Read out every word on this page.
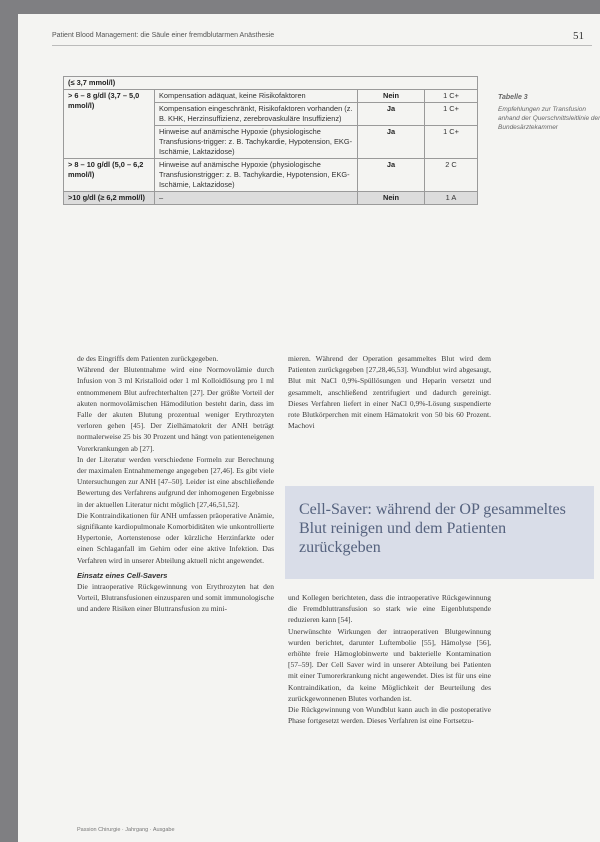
Patient Blood Management: die Säule einer fremdblutarmen Anästhesie	51
(≤ 3,7 mmol/l)			
> 6 – 8 g/dl (3,7 – 5,0 mmol/l)	Kompensation adäquat, keine Risikofaktoren	Nein	1 C+
	Kompensation eingeschränkt, Risikofaktoren vorhanden (z. B. KHK, Herzinsuffizienz, zerebrovaskuläre Insuffizienz)	Ja	1 C+
	Hinweise auf anämische Hypoxie (physiologische Transfusions-trigger: z. B. Tachykardie, Hypotension, EKG-Ischämie, Laktazidose)	Ja	1 C+
> 8 – 10 g/dl (5,0 – 6,2 mmol/l)	Hinweise auf anämische Hypoxie (physiologische Transfusionstrigger: z. B. Tachykardie, Hypotension, EKG-Ischämie, Laktazidose)	Ja	2 C
>10 g/dl (≥ 6,2 mmol/l)	–	Nein	1 A
Tabelle 3
Empfehlungen zur Transfusion anhand der Querschnittsleitlinie der Bundesärztekammer

de des Eingriffs dem Patienten zurückgegeben.

Während der Blutentnahme wird eine Normovolämie durch Infusion von 3 ml Kristalloid oder 1 ml Kolloidlösung pro 1 ml entnommenem Blut aufrechterhalten [27]. Der größte Vorteil der akuten normovolämischen Hämodilution besteht darin, dass im Falle der akuten Blutung prozentual weniger Erythrozyten verloren gehen [45]. Der Zielhämatokrit der ANH beträgt normalerweise 25 bis 30 Prozent und hängt von patienteneigenen Vorerkrankungen ab [27].

In der Literatur werden verschiedene Formeln zur Berechnung der maximalen Entnahmemenge angegeben [27,46]. Es gibt viele Untersuchungen zur ANH [47–50]. Leider ist eine abschließende Bewertung des Verfahrens aufgrund der inhomogenen Ergebnisse in der aktuellen Literatur nicht möglich [27,46,51,52].

Die Kontraindikationen für ANH umfassen präoperative Anämie, signifikante kardiopulmonale Komorbiditäten wie unkontrollierte Hypertonie, Aortenstenose oder kürzliche Herzinfarkte oder einen Schlaganfall im Gehirn oder eine aktive Infektion. Das Verfahren wird in unserer Abteilung aktuell nicht angewendet.

Einsatz eines Cell-Savers

Die intraoperative Rückgewinnung von Erythrozyten hat den Vorteil, Blutransfusionen einzusparen und somit immunologische und andere Risiken einer Bluttransfusion zu mini-

mieren. Während der Operation gesammeltes Blut wird dem Patienten zurückgegeben [27,28,46,53]. Wundblut wird abgesaugt, Blut mit NaCl 0,9%-Spüllösungen und Heparin versetzt und gesammelt, anschließend zentrifugiert und dadurch gereinigt. Dieses Verfahren liefert in einer NaCl 0,9%-Lösung suspendierte rote Blutkörperchen mit einem Hämatokrit von 50 bis 60 Prozent. Machovi

Cell-Saver: während der OP gesammeltes Blut reinigen und dem Patienten zurückgeben

und Kollegen berichteten, dass die intraoperative Rückgewinnung die Fremdbluttransfusion so stark wie eine Eigenblutspende reduzieren kann [54].

Unerwünschte Wirkungen der intraoperativen Blutgewinnung wurden berichtet, darunter Luftembolie [55], Hämolyse [56], erhöhte freie Hämoglobinwerte und bakterielle Kontamination [57–59]. Der Cell Saver wird in unserer Abteilung bei Patienten mit einer Tumorerkrankung nicht angewendet. Dies ist für uns eine Kontraindikation, da keine Möglichkeit der Beurteilung des zurückgewonnenen Blutes vorhanden ist.

Die Rückgewinnung von Wundblut kann auch in die postoperative Phase fortgesetzt werden. Dieses Verfahren ist eine Fortsetzu-

Passion Chirurgie · Jahrgang · Ausgabe
